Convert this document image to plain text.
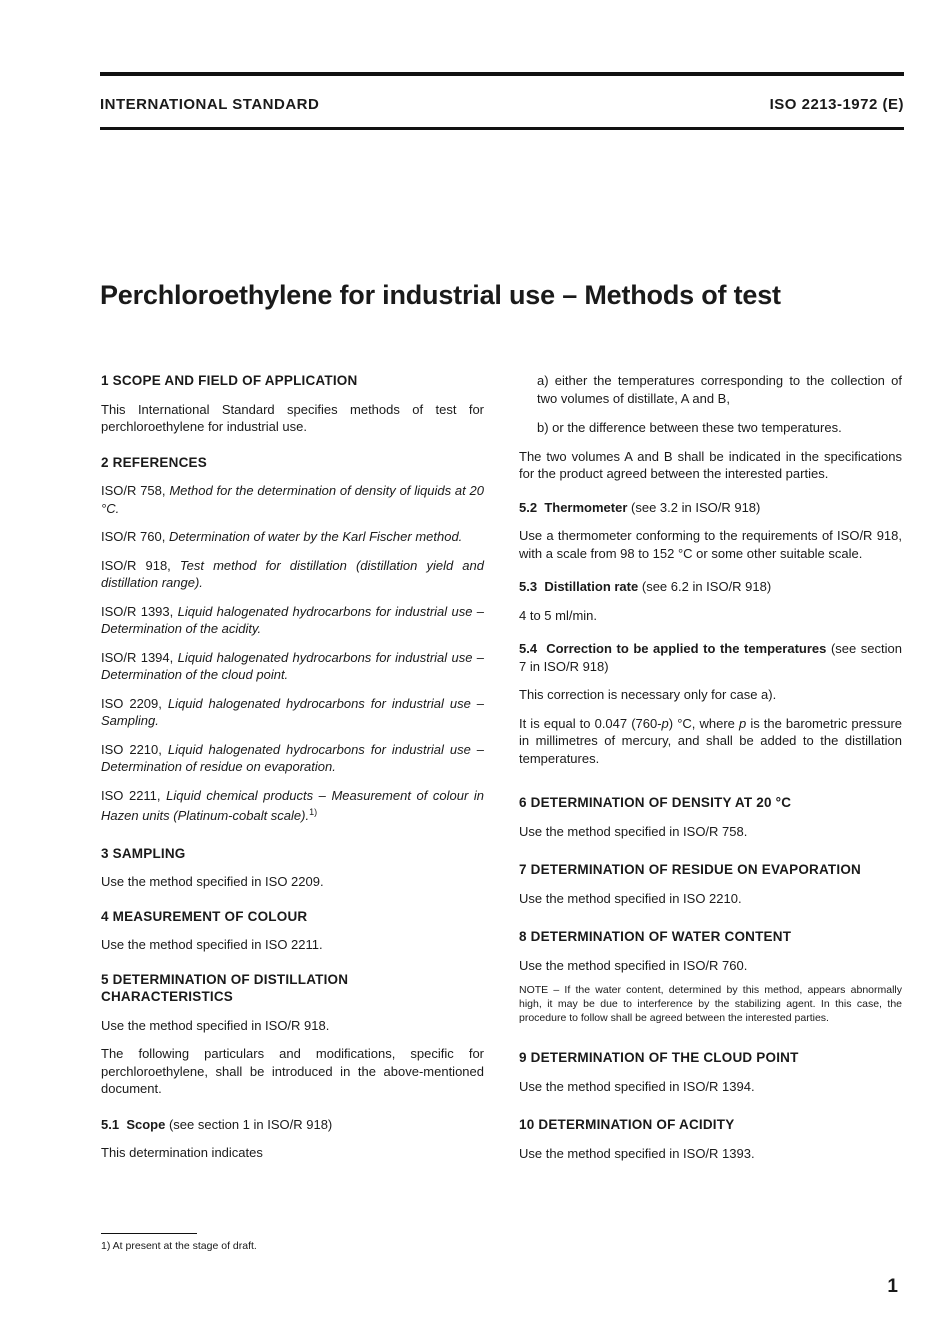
INTERNATIONAL STANDARD	ISO 2213-1972 (E)
Perchloroethylene for industrial use – Methods of test

1 SCOPE AND FIELD OF APPLICATION

This International Standard specifies methods of test for perchloroethylene for industrial use.

2 REFERENCES

ISO/R 758, Method for the determination of density of liquids at 20 °C.

ISO/R 760, Determination of water by the Karl Fischer method.

ISO/R 918, Test method for distillation (distillation yield and distillation range).

ISO/R 1393, Liquid halogenated hydrocarbons for industrial use – Determination of the acidity.

ISO/R 1394, Liquid halogenated hydrocarbons for industrial use – Determination of the cloud point.

ISO 2209, Liquid halogenated hydrocarbons for industrial use – Sampling.

ISO 2210, Liquid halogenated hydrocarbons for industrial use – Determination of residue on evaporation.

ISO 2211, Liquid chemical products – Measurement of colour in Hazen units (Platinum-cobalt scale).$^{1)}$

3 SAMPLING

Use the method specified in ISO 2209.

4 MEASUREMENT OF COLOUR

Use the method specified in ISO 2211.

5 DETERMINATION OF DISTILLATION
CHARACTERISTICS

Use the method specified in ISO/R 918.

The following particulars and modifications, specific for perchloroethylene, shall be introduced in the above-mentioned document.

5.1 Scope (see section 1 in ISO/R 918)

This determination indicates

a) either the temperatures corresponding to the collection of two volumes of distillate, A and B,

b) or the difference between these two temperatures.

The two volumes A and B shall be indicated in the specifications for the product agreed between the interested parties.

5.2 Thermometer (see 3.2 in ISO/R 918)

Use a thermometer conforming to the requirements of ISO/R 918, with a scale from 98 to 152 °C or some other suitable scale.

5.3 Distillation rate (see 6.2 in ISO/R 918)

4 to 5 ml/min.

5.4 Correction to be applied to the temperatures (see section 7 in ISO/R 918)

This correction is necessary only for case a).

It is equal to 0.047 (760-p) °C, where p is the barometric pressure in millimetres of mercury, and shall be added to the distillation temperatures.

6 DETERMINATION OF DENSITY AT 20 °C

Use the method specified in ISO/R 758.

7 DETERMINATION OF RESIDUE ON EVAPORATION

Use the method specified in ISO 2210.

8 DETERMINATION OF WATER CONTENT

Use the method specified in ISO/R 760.

NOTE – If the water content, determined by this method, appears abnormally high, it may be due to interference by the stabilizing agent. In this case, the procedure to follow shall be agreed between the interested parties.

9 DETERMINATION OF THE CLOUD POINT

Use the method specified in ISO/R 1394.

10 DETERMINATION OF ACIDITY

Use the method specified in ISO/R 1393.

1) At present at the stage of draft.
1
